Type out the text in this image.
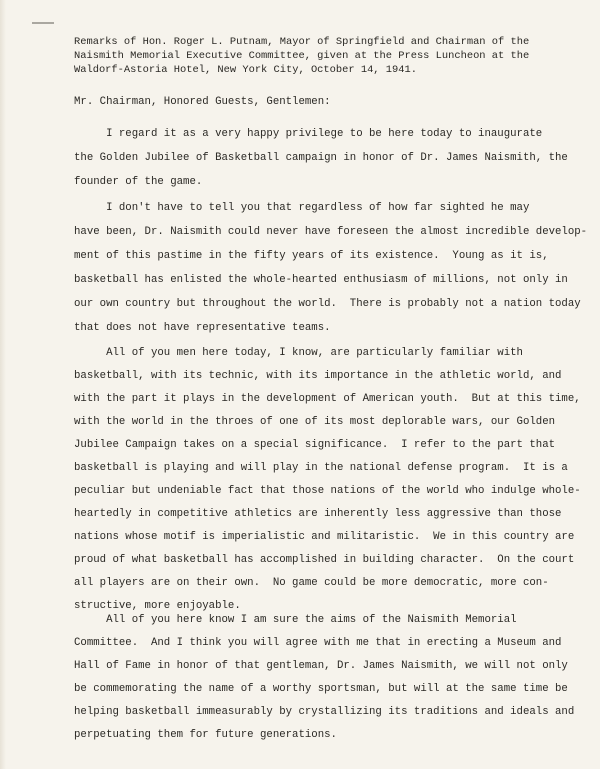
Remarks of Hon. Roger L. Putnam, Mayor of Springfield and Chairman of the
Naismith Memorial Executive Committee, given at the Press Luncheon at the
Waldorf-Astoria Hotel, New York City, October 14, 1941.
Mr. Chairman, Honored Guests, Gentlemen:
I regard it as a very happy privilege to be here today to inaugurate
the Golden Jubilee of Basketball campaign in honor of Dr. James Naismith, the
founder of the game.
I don't have to tell you that regardless of how far sighted he may
have been, Dr. Naismith could never have foreseen the almost incredible develop-
ment of this pastime in the fifty years of its existence.  Young as it is,
basketball has enlisted the whole-hearted enthusiasm of millions, not only in
our own country but throughout the world.  There is probably not a nation today
that does not have representative teams.
All of you men here today, I know, are particularly familiar with
basketball, with its technic, with its importance in the athletic world, and
with the part it plays in the development of American youth.  But at this time,
with the world in the throes of one of its most deplorable wars, our Golden
Jubilee Campaign takes on a special significance.  I refer to the part that
basketball is playing and will play in the national defense program.  It is a
peculiar but undeniable fact that those nations of the world who indulge whole-
heartedly in competitive athletics are inherently less aggressive than those
nations whose motif is imperialistic and militaristic.  We in this country are
proud of what basketball has accomplished in building character.  On the court
all players are on their own.  No game could be more democratic, more con-
structive, more enjoyable.
All of you here know I am sure the aims of the Naismith Memorial
Committee.  And I think you will agree with me that in erecting a Museum and
Hall of Fame in honor of that gentleman, Dr. James Naismith, we will not only
be commemorating the name of a worthy sportsman, but will at the same time be
helping basketball immeasurably by crystallizing its traditions and ideals and
perpetuating them for future generations.
